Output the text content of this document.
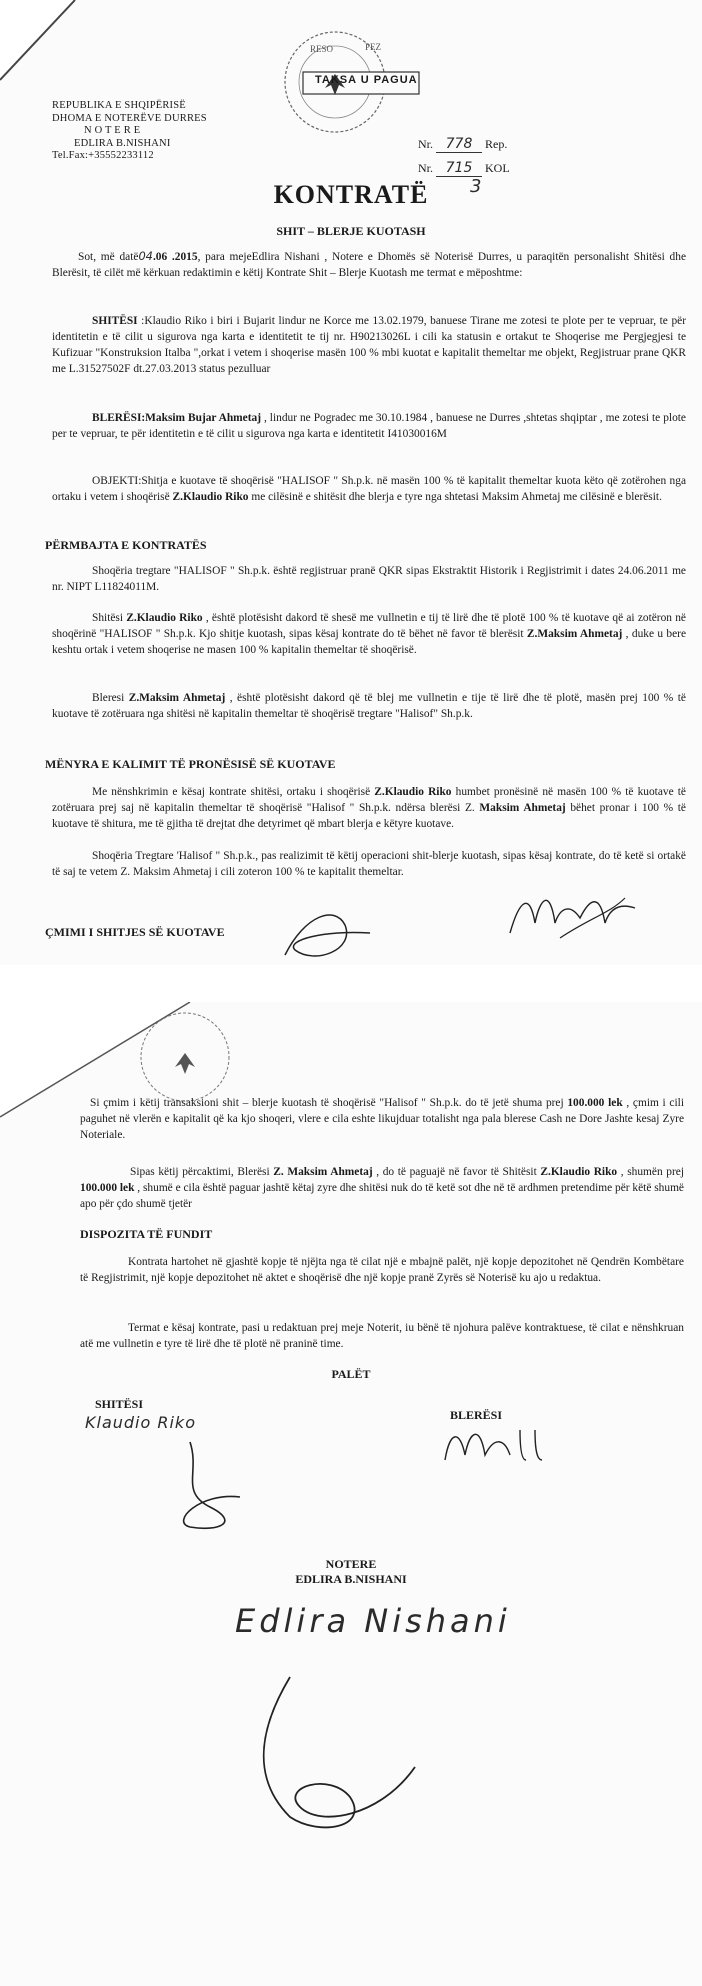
TAKSA U PAGUA
RESO	PEZ
REPUBLIKA E SHQIPËRISË
DHOMA E NOTERËVE DURRES
N O T E R E
EDLIRA B.NISHANI
Tel.Fax:+35552233112
Nr. 778 Rep.
Nr. 715 KOL
3
KONTRATË
SHIT – BLERJE KUOTASH
Sot, më datë04.06 .2015, para mejeEdlira Nishani , Notere e Dhomës së Noterisë Durres, u paraqitën personalisht Shitësi dhe Blerësit, të cilët më kërkuan redaktimin e këtij Kontrate Shit – Blerje Kuotash me termat e mëposhtme:
SHITËSI :Klaudio Riko i biri i Bujarit lindur ne Korce me 13.02.1979, banuese Tirane me zotesi te plote per te vepruar, te për identitetin e të cilit u sigurova nga karta e identitetit te tij nr. H90213026L i cili ka statusin e ortakut te Shoqerise me Pergjegjesi te Kufizuar "Konstruksion Italba ",orkat i vetem i shoqerise masën 100 % mbi kuotat e kapitalit themeltar me objekt, Regjistruar prane QKR me L.31527502F dt.27.03.2013 status pezulluar
BLERËSI:Maksim Bujar Ahmetaj , lindur ne Pogradec me 30.10.1984 , banuese ne Durres ,shtetas shqiptar , me zotesi te plote per te vepruar, te për identitetin e të cilit u sigurova nga karta e identitetit I41030016M
OBJEKTI:Shitja e kuotave të shoqërisë "HALISOF " Sh.p.k. në masën 100 % të kapitalit themeltar kuota këto që zotërohen nga ortaku i vetem i shoqërisë Z.Klaudio Riko me cilësinë e shitësit dhe blerja e tyre nga shtetasi Maksim Ahmetaj me cilësinë e blerësit.
PËRMBAJTA E KONTRATËS
Shoqëria tregtare "HALISOF " Sh.p.k. është regjistruar pranë QKR sipas Ekstraktit Historik i Regjistrimit i dates 24.06.2011 me nr. NIPT L11824011M.
Shitësi Z.Klaudio Riko , është plotësisht dakord të shesë me vullnetin e tij të lirë dhe të plotë 100 % të kuotave që ai zotëron në shoqërinë "HALISOF " Sh.p.k. Kjo shitje kuotash, sipas kësaj kontrate do të bëhet në favor të blerësit Z.Maksim Ahmetaj , duke u bere keshtu ortak i vetem shoqerise ne masen 100 % kapitalin themeltar të shoqërisë.
Bleresi Z.Maksim Ahmetaj , është plotësisht dakord që të blej me vullnetin e tije të lirë dhe të plotë, masën prej 100 % të kuotave të zotëruara nga shitësi në kapitalin themeltar të shoqërisë tregtare "Halisof" Sh.p.k.
MËNYRA E KALIMIT TË PRONËSISË SË KUOTAVE
Me nënshkrimin e kësaj kontrate shitësi, ortaku i shoqërisë Z.Klaudio Riko humbet pronësinë në masën 100 % të kuotave të zotëruara prej saj në kapitalin themeltar të shoqërisë "Halisof " Sh.p.k. ndërsa blerësi Z. Maksim Ahmetaj bëhet pronar i 100 % të kuotave të shitura, me të gjitha të drejtat dhe detyrimet që mbart blerja e këtyre kuotave.
Shoqëria Tregtare 'Halisof " Sh.p.k., pas realizimit të këtij operacioni shit-blerje kuotash, sipas kësaj kontrate, do të ketë si ortakë të saj te vetem Z. Maksim Ahmetaj i cili zoteron 100 % te kapitalit themeltar.
ÇMIMI I SHITJES SË KUOTAVE
Si çmim i këtij transaksioni shit – blerje kuotash të shoqërisë "Halisof " Sh.p.k. do të jetë shuma prej 100.000 lek , çmim i cili paguhet në vlerën e kapitalit që ka kjo shoqeri, vlere e cila eshte likujduar totalisht nga pala blerese Cash ne Dore Jashte kesaj Zyre Noteriale.
Sipas këtij përcaktimi, Blerësi Z. Maksim Ahmetaj , do të paguajë në favor të Shitësit Z.Klaudio Riko , shumën prej 100.000 lek , shumë e cila është paguar jashtë këtaj zyre dhe shitësi nuk do të ketë sot dhe në të ardhmen pretendime për këtë shumë apo për çdo shumë tjetër
DISPOZITA TË FUNDIT
Kontrata hartohet në gjashtë kopje të njëjta nga të cilat një e mbajnë palët, një kopje depozitohet në Qendrën Kombëtare të Regjistrimit, një kopje depozitohet në aktet e shoqërisë dhe një kopje pranë Zyrës së Noterisë ku ajo u redaktua.
Termat e kësaj kontrate, pasi u redaktuan prej meje Noterit, iu bënë të njohura palëve kontraktuese, të cilat e nënshkruan atë me vullnetin e tyre të lirë dhe të plotë në praninë time.
PALËT
SHITËSI
Klaudio Riko	BLERËSI
NOTERE
EDLIRA B.NISHANI
Edlira Nishani
